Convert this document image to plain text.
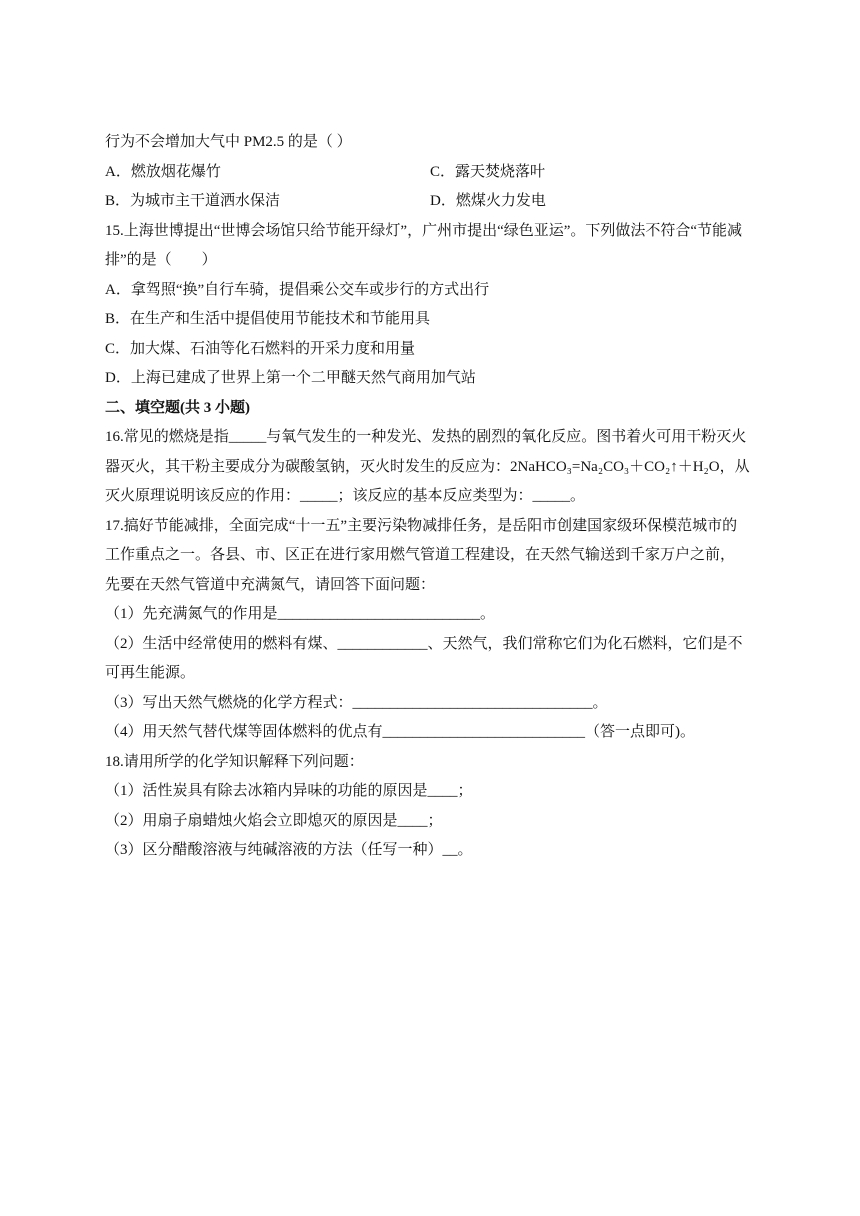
行为不会增加大气中 PM2.5 的是（ ）
A．燃放烟花爆竹	C．露天焚烧落叶
B．为城市主干道洒水保洁	D．燃煤火力发电
15.上海世博提出“世博会场馆只给节能开绿灯”，广州市提出“绿色亚运”。下列做法不符合“节能减
排”的是（　　）
A．拿驾照“换”自行车骑，提倡乘公交车或步行的方式出行
B．在生产和生活中提倡使用节能技术和节能用具
C．加大煤、石油等化石燃料的开采力度和用量
D．上海已建成了世界上第一个二甲醚天然气商用加气站
二、填空题(共 3 小题)
16.常见的燃烧是指_____与氧气发生的一种发光、发热的剧烈的氧化反应。图书着火可用干粉灭火
器灭火，其干粉主要成分为碳酸氢钠，灭火时发生的反应为：2NaHCO₃=Na₂CO₃＋CO₂↑＋H₂O，从
灭火原理说明该反应的作用：_____；该反应的基本反应类型为：_____。
17.搞好节能减排，全面完成“十一五”主要污染物减排任务，是岳阳市创建国家级环保模范城市的
工作重点之一。各县、市、区正在进行家用燃气管道工程建设，在天然气输送到千家万户之前，
先要在天然气管道中充满氮气，请回答下面问题：
（1）先充满氮气的作用是___________________________。
（2）生活中经常使用的燃料有煤、____________、天然气，我们常称它们为化石燃料，它们是不
可再生能源。
（3）写出天然气燃烧的化学方程式：________________________________。
（4）用天然气替代煤等固体燃料的优点有___________________________（答一点即可)。
18.请用所学的化学知识解释下列问题：
（1）活性炭具有除去冰箱内异味的功能的原因是____；
（2）用扇子扇蜡烛火焰会立即熄灭的原因是____；
（3）区分醋酸溶液与纯碱溶液的方法（任写一种）__。
